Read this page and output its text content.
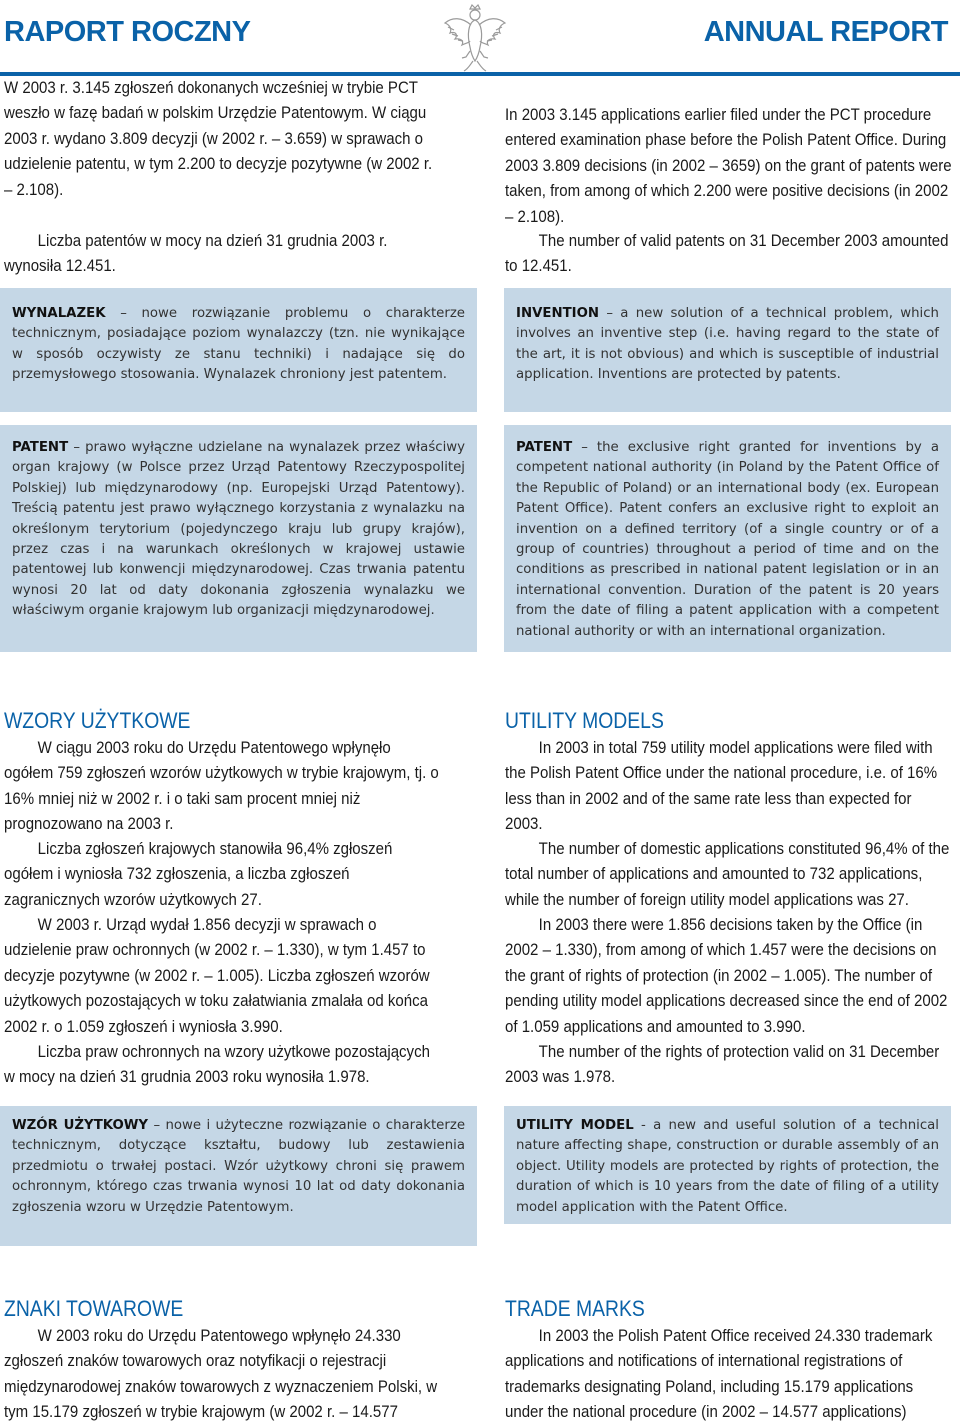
RAPORT ROCZNY	ANNUAL REPORT

W 2003 r. 3.145 zgłoszeń dokonanych wcześniej w trybie PCT weszło w fazę badań w polskim Urzędzie Patentowym. W ciągu 2003 r. wydano 3.809 decyzji (w 2002 r. – 3.659) w sprawach o udzielenie patentu, w tym 2.200 to decyzje pozytywne (w 2002 r. – 2.108).

Liczba patentów w mocy na dzień 31 grudnia 2003 r. wynosiła 12.451.

In 2003 3.145 applications earlier filed under the PCT procedure entered examination phase before the Polish Patent Office. During 2003 3.809 decisions (in 2002 – 3659) on the grant of patents were taken, from among of which 2.200 were positive decisions (in 2002 – 2.108).

The number of valid patents on 31 December 2003 amounted to 12.451.

WYNALAZEK – nowe rozwiązanie problemu o charakterze technicznym, posiadające poziom wynalazczy (tzn. nie wynikające w sposób oczywisty ze stanu techniki) i nadające się do przemysłowego stosowania. Wynalazek chroniony jest patentem.

INVENTION – a new solution of a technical problem, which involves an inventive step (i.e. having regard to the state of the art, it is not obvious) and which is susceptible of industrial application. Inventions are protected by patents.

PATENT – prawo wyłączne udzielane na wynalazek przez właściwy organ krajowy (w Polsce przez Urząd Patentowy Rzeczypospolitej Polskiej) lub międzynarodowy (np. Europejski Urząd Patentowy). Treścią patentu jest prawo wyłącznego korzystania z wynalazku na określonym terytorium (pojedynczego kraju lub grupy krajów), przez czas i na warunkach określonych w krajowej ustawie patentowej lub konwencji międzynarodowej. Czas trwania patentu wynosi 20 lat od daty dokonania zgłoszenia wynalazku we właściwym organie krajowym lub organizacji międzynarodowej.

PATENT – the exclusive right granted for inventions by a competent national authority (in Poland by the Patent Office of the Republic of Poland) or an international body (ex. European Patent Office). Patent confers an exclusive right to exploit an invention on a defined territory (of a single country or of a group of countries) throughout a period of time and on the conditions as prescribed in national patent legislation or in an international convention. Duration of the patent is 20 years from the date of filing a patent application with a competent national authority or with an international organization.

WZORY UŻYTKOWE	UTILITY MODELS

W ciągu 2003 roku do Urzędu Patentowego wpłynęło ogółem 759 zgłoszeń wzorów użytkowych w trybie krajowym, tj. o 16% mniej niż w 2002 r. i o taki sam procent mniej niż prognozowano na 2003 r.

Liczba zgłoszeń krajowych stanowiła 96,4% zgłoszeń ogółem i wyniosła 732 zgłoszenia, a liczba zgłoszeń zagranicznych wzorów użytkowych 27.

W 2003 r. Urząd wydał 1.856 decyzji w sprawach o udzielenie praw ochronnych (w 2002 r. – 1.330), w tym 1.457 to decyzje pozytywne (w 2002 r. – 1.005). Liczba zgłoszeń wzorów użytkowych pozostających w toku załatwiania zmalała od końca 2002 r. o 1.059 zgłoszeń i wyniosła 3.990.

Liczba praw ochronnych na wzory użytkowe pozostających w mocy na dzień 31 grudnia 2003 roku wynosiła 1.978.

In 2003 in total 759 utility model applications were filed with the Polish Patent Office under the national procedure, i.e. of 16% less than in 2002 and of the same rate less than expected for 2003.

The number of domestic applications constituted 96,4% of the total number of applications and amounted to 732 applications, while the number of foreign utility model applications was 27.

In 2003 there were 1.856 decisions taken by the Office (in 2002 – 1.330), from among of which 1.457 were the decisions on the grant of rights of protection (in 2002 – 1.005). The number of pending utility model applications decreased since the end of 2002 of 1.059 applications and amounted to 3.990.

The number of the rights of protection valid on 31 December 2003 was 1.978.

WZÓR UŻYTKOWY – nowe i użyteczne rozwiązanie o charakterze technicznym, dotyczące kształtu, budowy lub zestawienia przedmiotu o trwałej postaci. Wzór użytkowy chroni się prawem ochronnym, którego czas trwania wynosi 10 lat od daty dokonania zgłoszenia wzoru w Urzędzie Patentowym.

UTILITY MODEL - a new and useful solution of a technical nature affecting shape, construction or durable assembly of an object. Utility models are protected by rights of protection, the duration of which is 10 years from the date of filing of a utility model application with the Patent Office.

ZNAKI TOWAROWE	TRADE MARKS

W 2003 roku do Urzędu Patentowego wpłynęło 24.330 zgłoszeń znaków towarowych oraz notyfikacji o rejestracji międzynarodowej znaków towarowych z wyznaczeniem Polski, w tym 15.179 zgłoszeń w trybie krajowym (w 2002 r. – 14.577

In 2003 the Polish Patent Office received 24.330 trademark applications and notifications of international registrations of trademarks designating Poland, including 15.179 applications under the national procedure (in 2002 – 14.577 applications)
